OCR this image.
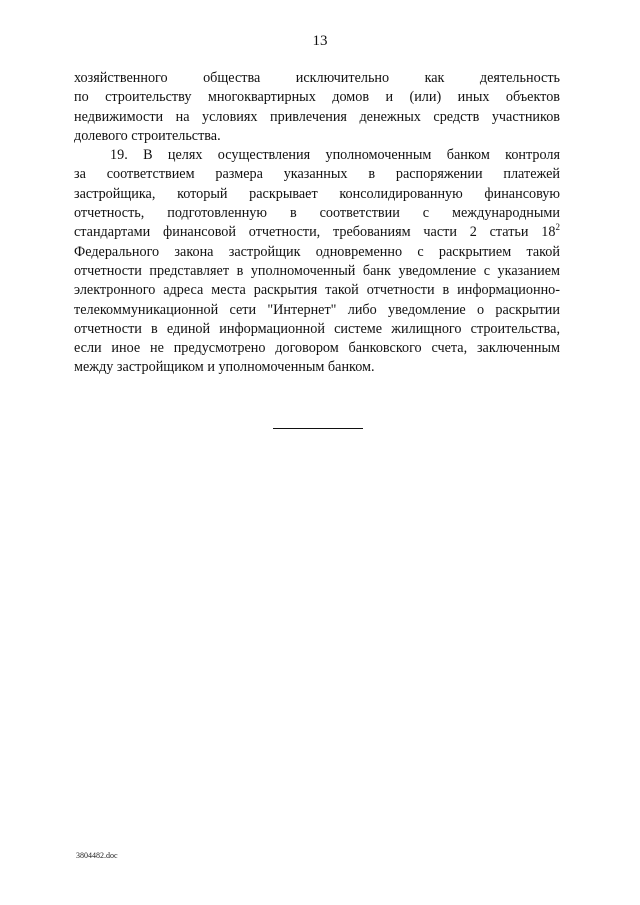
13
хозяйственного общества исключительно как деятельность
по строительству многоквартирных домов и (или) иных объектов
недвижимости на условиях привлечения денежных средств участников
долевого строительства.
19. В целях осуществления уполномоченным банком контроля
за соответствием размера указанных в распоряжении платежей
застройщика, который раскрывает консолидированную финансовую
отчетность, подготовленную в соответствии с международными
стандартами финансовой отчетности, требованиям части 2 статьи $18^2$
Федерального закона застройщик одновременно с раскрытием такой
отчетности представляет в уполномоченный банк уведомление с указанием
электронного адреса места раскрытия такой отчетности в информационно-
телекоммуникационной сети "Интернет" либо уведомление о раскрытии
отчетности в единой информационной системе жилищного строительства,
если иное не предусмотрено договором банковского счета, заключенным
между застройщиком и уполномоченным банком.
3804482.doc
